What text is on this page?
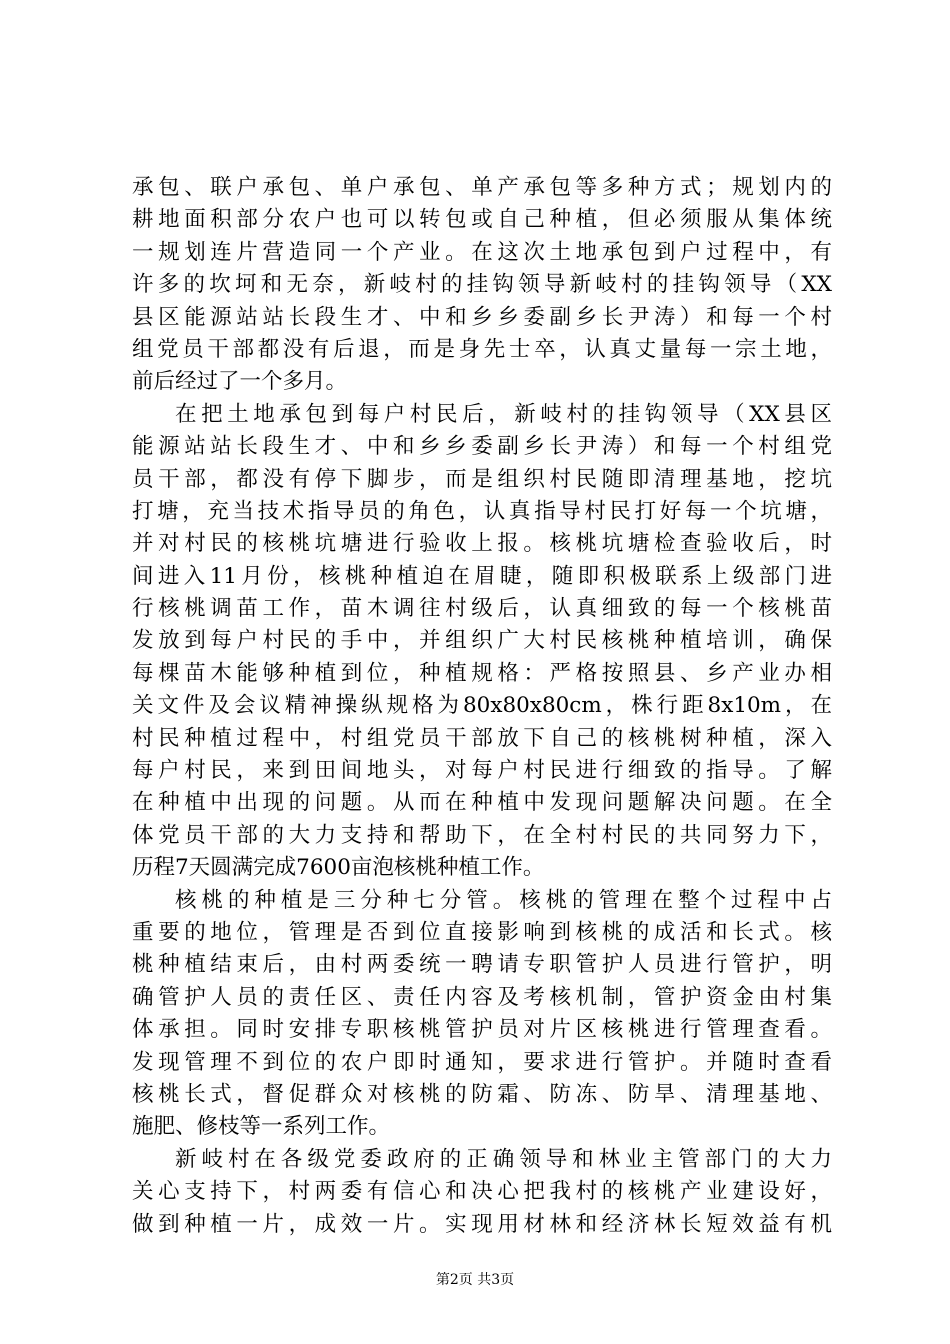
承包、联户承包、单户承包、单产承包等多种方式；规划内的
耕地面积部分农户也可以转包或自己种植，但必须服从集体统
一规划连片营造同一个产业。在这次土地承包到户过程中，有
许多的坎坷和无奈，新岐村的挂钩领导新岐村的挂钩领导（XX
县区能源站站长段生才、中和乡乡委副乡长尹涛）和每一个村
组党员干部都没有后退，而是身先士卒，认真丈量每一宗土地，
前后经过了一个多月。
在把土地承包到每户村民后，新岐村的挂钩领导（XX县区
能源站站长段生才、中和乡乡委副乡长尹涛）和每一个村组党
员干部，都没有停下脚步，而是组织村民随即清理基地，挖坑
打塘，充当技术指导员的角色，认真指导村民打好每一个坑塘，
并对村民的核桃坑塘进行验收上报。核桃坑塘检查验收后，时
间进入11月份，核桃种植迫在眉睫，随即积极联系上级部门进
行核桃调苗工作，苗木调往村级后，认真细致的每一个核桃苗
发放到每户村民的手中，并组织广大村民核桃种植培训，确保
每棵苗木能够种植到位，种植规格：严格按照县、乡产业办相
关文件及会议精神操纵规格为80x80x80cm，株行距8x10m，在
村民种植过程中，村组党员干部放下自己的核桃树种植，深入
每户村民，来到田间地头，对每户村民进行细致的指导。了解
在种植中出现的问题。从而在种植中发现问题解决问题。在全
体党员干部的大力支持和帮助下，在全村村民的共同努力下，
历程7天圆满完成7600亩泡核桃种植工作。
核桃的种植是三分种七分管。核桃的管理在整个过程中占
重要的地位，管理是否到位直接影响到核桃的成活和长式。核
桃种植结束后，由村两委统一聘请专职管护人员进行管护，明
确管护人员的责任区、责任内容及考核机制，管护资金由村集
体承担。同时安排专职核桃管护员对片区核桃进行管理查看。
发现管理不到位的农户即时通知，要求进行管护。并随时查看
核桃长式，督促群众对核桃的防霜、防冻、防旱、清理基地、
施肥、修枝等一系列工作。
新岐村在各级党委政府的正确领导和林业主管部门的大力
关心支持下，村两委有信心和决心把我村的核桃产业建设好，
做到种植一片，成效一片。实现用材林和经济林长短效益有机
第2页 共3页
